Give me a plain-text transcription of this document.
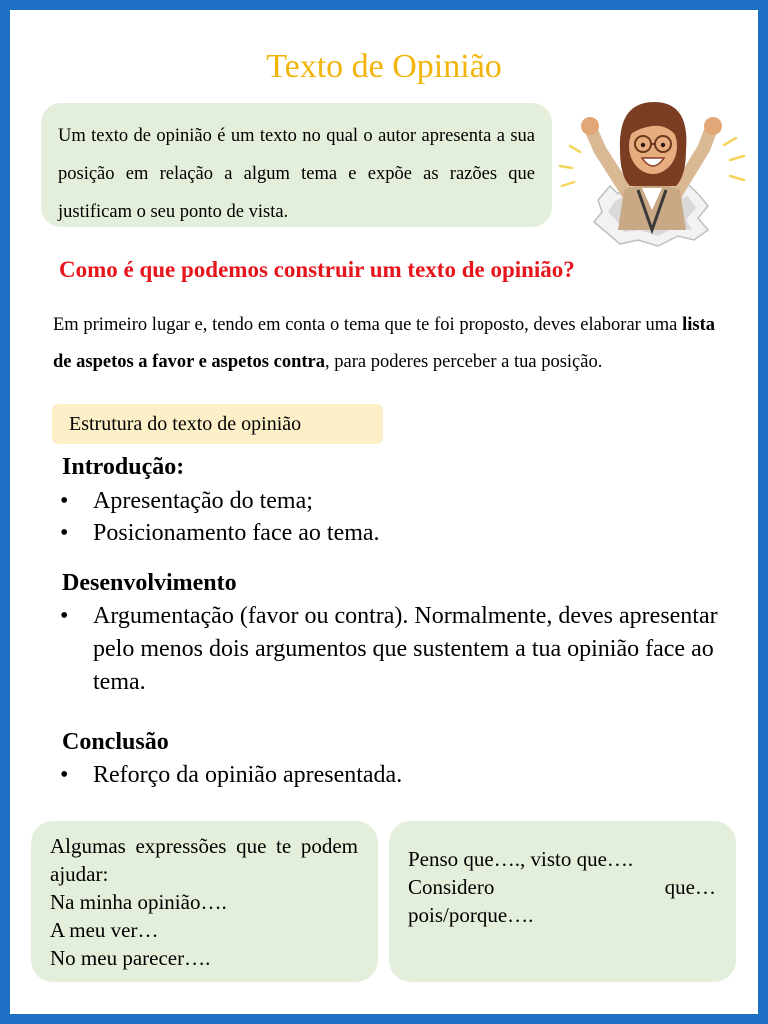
Texto de Opinião
Um texto de opinião é um texto no qual o autor apresenta a sua posição em relação a algum tema e expõe as razões que justificam o seu ponto de vista.
Como é que podemos construir um texto de opinião?
Em primeiro lugar e, tendo em conta o tema que te foi proposto, deves elaborar uma lista de aspetos a favor e aspetos contra, para poderes perceber a tua posição.
Estrutura do texto de opinião
Introdução:
•	Apresentação do tema;
•	Posicionamento face ao tema.
Desenvolvimento
•	Argumentação (favor ou contra). Normalmente, deves apresentar pelo menos dois argumentos que sustentem a tua opinião face ao tema.
Conclusão
•	Reforço da opinião apresentada.
Algumas expressões que te podem ajudar:
Na minha opinião….
A meu ver…
No meu parecer….
Penso que…., visto que….
Considero	que…
pois/porque….
